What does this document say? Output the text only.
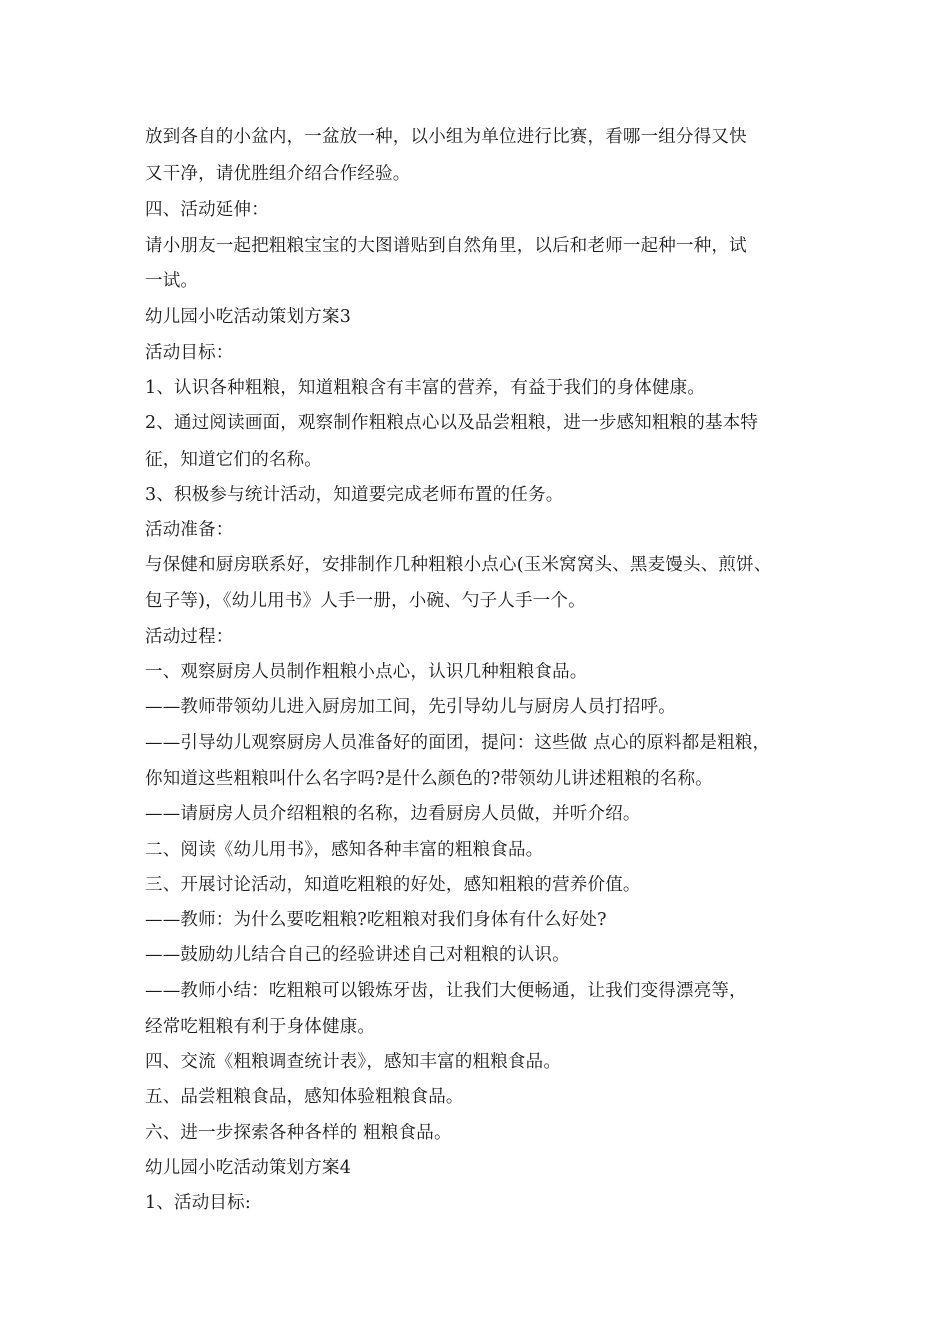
放到各自的小盆内，一盆放一种，以小组为单位进行比赛，看哪一组分得又快
又干净，请优胜组介绍合作经验。
四、活动延伸：
请小朋友一起把粗粮宝宝的大图谱贴到自然角里，以后和老师一起种一种，试
一试。
幼儿园小吃活动策划方案3
活动目标：
1、认识各种粗粮，知道粗粮含有丰富的营养，有益于我们的身体健康。
2、通过阅读画面，观察制作粗粮点心以及品尝粗粮，进一步感知粗粮的基本特
征，知道它们的名称。
3、积极参与统计活动，知道要完成老师布置的任务。
活动准备：
与保健和厨房联系好，安排制作几种粗粮小点心(玉米窝窝头、黑麦馒头、煎饼、
包子等)，《幼儿用书》人手一册，小碗、勺子人手一个。
活动过程：
一、观察厨房人员制作粗粮小点心，认识几种粗粮食品。
——教师带领幼儿进入厨房加工间，先引导幼儿与厨房人员打招呼。
——引导幼儿观察厨房人员准备好的面团，提问：这些做 点心的原料都是粗粮，
你知道这些粗粮叫什么名字吗?是什么颜色的?带领幼儿讲述粗粮的名称。
——请厨房人员介绍粗粮的名称，边看厨房人员做，并听介绍。
二、阅读《幼儿用书》，感知各种丰富的粗粮食品。
三、开展讨论活动，知道吃粗粮的好处，感知粗粮的营养价值。
——教师：为什么要吃粗粮?吃粗粮对我们身体有什么好处?
——鼓励幼儿结合自己的经验讲述自己对粗粮的认识。
——教师小结：吃粗粮可以锻炼牙齿，让我们大便畅通，让我们变得漂亮等，
经常吃粗粮有利于身体健康。
四、交流《粗粮调查统计表》，感知丰富的粗粮食品。
五、品尝粗粮食品，感知体验粗粮食品。
六、进一步探索各种各样的 粗粮食品。
幼儿园小吃活动策划方案4
1、活动目标:
